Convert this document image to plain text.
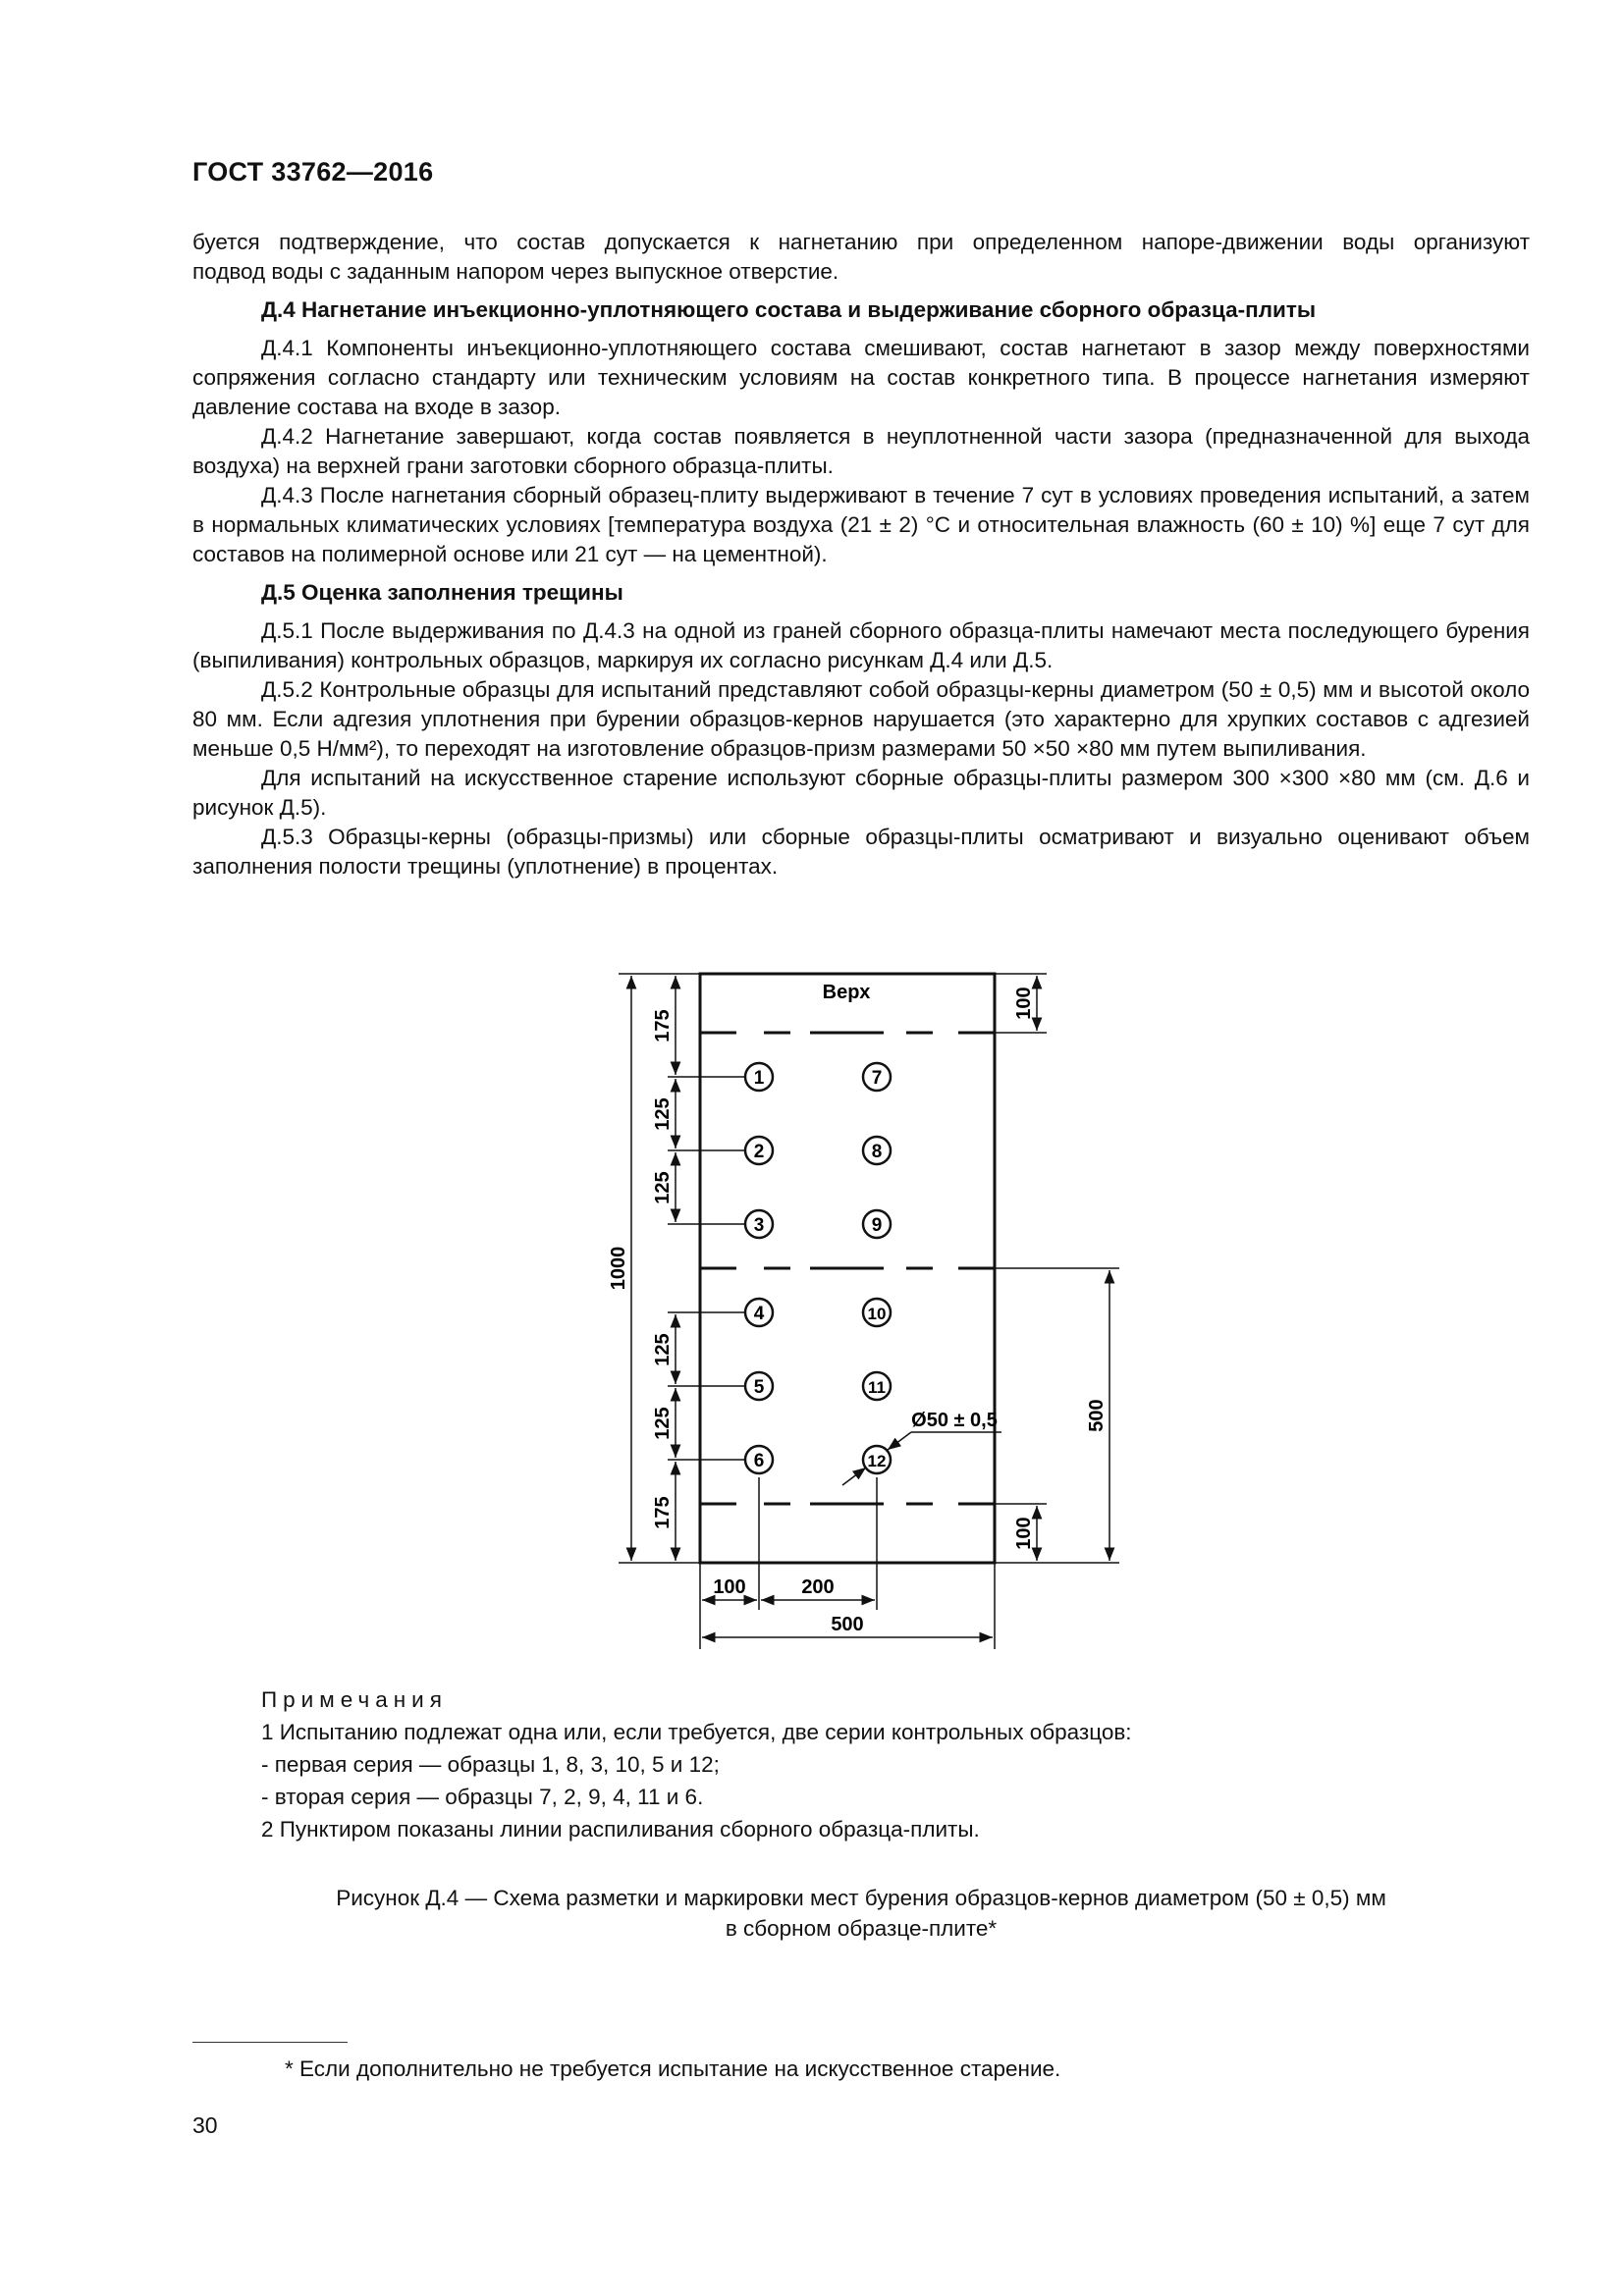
ГОСТ 33762—2016

буется подтверждение, что состав допускается к нагнетанию при определенном напоре-движении воды организуют

подвод воды с заданным напором через выпускное отверстие.

Д.4 Нагнетание инъекционно-уплотняющего состава и выдерживание сборного образца-плиты

Д.4.1 Компоненты инъекционно-уплотняющего состава смешивают, состав нагнетают в зазор между поверхностями сопряжения согласно стандарту или техническим условиям на состав конкретного типа. В процессе нагнетания измеряют давление состава на входе в зазор.

Д.4.2 Нагнетание завершают, когда состав появляется в неуплотненной части зазора (предназначенной для выхода воздуха) на верхней грани заготовки сборного образца-плиты.

Д.4.3 После нагнетания сборный образец-плиту выдерживают в течение 7 сут в условиях проведения испытаний, а затем в нормальных климатических условиях [температура воздуха (21 ± 2) °С и относительная влажность (60 ± 10) %] еще 7 сут для составов на полимерной основе или 21 сут — на цементной).

Д.5 Оценка заполнения трещины

Д.5.1 После выдерживания по Д.4.3 на одной из граней сборного образца-плиты намечают места последующего бурения (выпиливания) контрольных образцов, маркируя их согласно рисункам Д.4 или Д.5.

Д.5.2 Контрольные образцы для испытаний представляют собой образцы-керны диаметром (50 ± 0,5) мм и высотой около 80 мм. Если адгезия уплотнения при бурении образцов-кернов нарушается (это характерно для хрупких составов с адгезией меньше 0,5 Н/мм²), то переходят на изготовление образцов-призм размерами 50 ×50 ×80 мм путем выпиливания.

Для испытаний на искусственное старение используют сборные образцы-плиты размером 300 ×300 ×80 мм (см. Д.6 и рисунок Д.5).

Д.5.3 Образцы-керны (образцы-призмы) или сборные образцы-плиты осматривают и визуально оценивают объем заполнения полости трещины (уплотнение) в процентах.

Верх
1000
175
125
125
125
125
175
100
100
500
100	200
500
Ø50 ± 0,5
1
2
3
4
5
6
7
8
9
10
11
12
Примечания
1 Испытанию подлежат одна или, если требуется, две серии контрольных образцов:
- первая серия — образцы 1, 8, 3, 10, 5 и 12;
- вторая серия — образцы 7, 2, 9, 4, 11 и 6.
2 Пунктиром показаны линии распиливания сборного образца-плиты.
Рисунок Д.4 — Схема разметки и маркировки мест бурения образцов-кернов диаметром (50 ± 0,5) мм
в сборном образце-плите*
* Если дополнительно не требуется испытание на искусственное старение.
30
